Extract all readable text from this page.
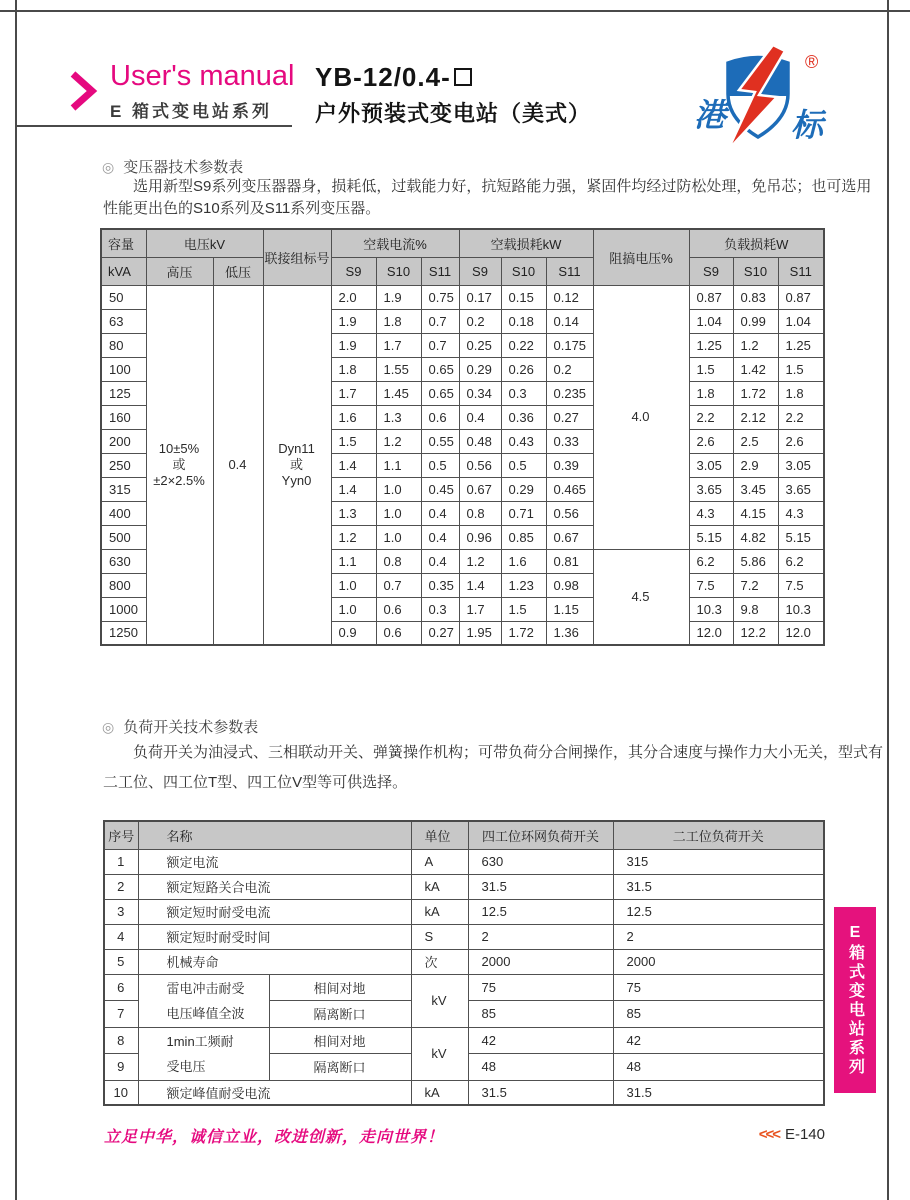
User's manual
E 箱式变电站系列
YB-12/0.4-
户外预装式变电站（美式）	港 标
®
◎ 变压器技术参数表

选用新型S9系列变压器器身，损耗低，过载能力好，抗短路能力强，紧固件均经过防松处理，免吊芯；也可选用性能更出色的S10系列及S11系列变压器。

容量	电压kV		联接组标号	空载电流%			空载损耗kW			阻搞电压%	负载损耗W		
kVA	高压	低压		S9	S10	S11	S9	S10	S11		S9	S10	S11
50	10±5%
或
±2×2.5%	0.4	Dyn11
或
Yyn0	2.0	1.9	0.75	0.17	0.15	0.12	4.0	0.87	0.83	0.87
63				1.9	1.8	0.7	0.2	0.18	0.14		1.04	0.99	1.04
80				1.9	1.7	0.7	0.25	0.22	0.175		1.25	1.2	1.25
100				1.8	1.55	0.65	0.29	0.26	0.2		1.5	1.42	1.5
125				1.7	1.45	0.65	0.34	0.3	0.235		1.8	1.72	1.8
160				1.6	1.3	0.6	0.4	0.36	0.27		2.2	2.12	2.2
200				1.5	1.2	0.55	0.48	0.43	0.33		2.6	2.5	2.6
250				1.4	1.1	0.5	0.56	0.5	0.39		3.05	2.9	3.05
315				1.4	1.0	0.45	0.67	0.29	0.465		3.65	3.45	3.65
400				1.3	1.0	0.4	0.8	0.71	0.56		4.3	4.15	4.3
500				1.2	1.0	0.4	0.96	0.85	0.67		5.15	4.82	5.15
630				1.1	0.8	0.4	1.2	1.6	0.81	4.5	6.2	5.86	6.2
800				1.0	0.7	0.35	1.4	1.23	0.98		7.5	7.2	7.5
1000				1.0	0.6	0.3	1.7	1.5	1.15		10.3	9.8	10.3
1250				0.9	0.6	0.27	1.95	1.72	1.36		12.0	12.2	12.0
◎ 负荷开关技术参数表

负荷开关为油浸式、三相联动开关、弹簧操作机构；可带负荷分合闸操作，其分合速度与操作力大小无关，型式有二工位、四工位T型、四工位V型等可供选择。

序号	名称		单位	四工位环网负荷开关	二工位负荷开关
1	额定电流		A	630	315
2	额定短路关合电流		kA	31.5	31.5
3	额定短时耐受电流		kA	12.5	12.5
4	额定短时耐受时间		S	2	2
5	机械寿命		次	2000	2000
6	雷电冲击耐受
电压峰值全波	相间对地	kV	75	75
7		隔离断口		85	85
8	1min工频耐
受电压	相间对地	kV	42	42
9		隔离断口		48	48
10	额定峰值耐受电流		kA	31.5	31.5
E箱式变电站系列
立足中华，诚信立业，改进创新，走向世界！	<<< E-140
